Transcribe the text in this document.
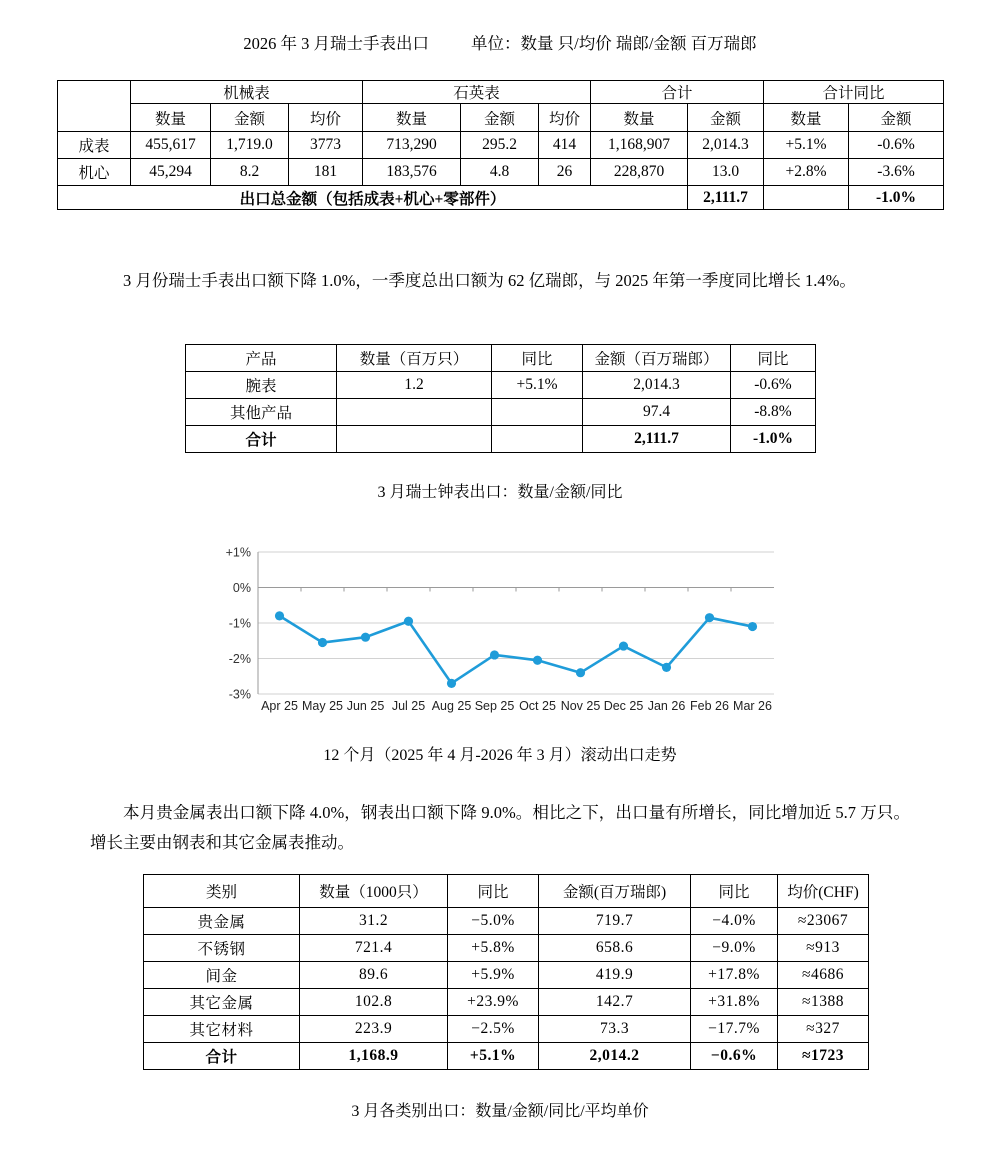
2026 年 3 月瑞士手表出口	单位：数量 只/均价 瑞郎/金额 百万瑞郎
	机械表			石英表			合计		合计同比	
	数量	金额	均价	数量	金额	均价	数量	金额	数量	金额
成表	455,617	1,719.0	3773	713,290	295.2	414	1,168,907	2,014.3	+5.1%	-0.6%
机心	45,294	8.2	181	183,576	4.8	26	228,870	13.0	+2.8%	-3.6%
出口总金额（包括成表+机心+零部件）								2,111.7		-1.0%

3 月份瑞士手表出口额下降 1.0%，一季度总出口额为 62 亿瑞郎，与 2025 年第一季度同比增长 1.4%。

产品	数量（百万只）	同比	金额（百万瑞郎）	同比
腕表	1.2	+5.1%	2,014.3	-0.6%
其他产品			97.4	-8.8%
合计			2,111.7	-1.0%
3 月瑞士钟表出口：数量/金额/同比
+1%
0%
-1%
-2%
-3%
Apr 25 May 25 Jun 25 Jul 25 Aug 25 Sep 25 Oct 25 Nov 25 Dec 25 Jan 26 Feb 26 Mar 26
12 个月（2025 年 4 月-2026 年 3 月）滚动出口走势

本月贵金属表出口额下降 4.0%，钢表出口额下降 9.0%。相比之下，出口量有所增长，同比增加近 5.7 万只。增长主要由钢表和其它金属表推动。

类别	数量（1000只）	同比	金额(百万瑞郎)	同比	均价(CHF)
贵金属	31.2	−5.0%	719.7	−4.0%	≈23067
不锈钢	721.4	+5.8%	658.6	−9.0%	≈913
间金	89.6	+5.9%	419.9	+17.8%	≈4686
其它金属	102.8	+23.9%	142.7	+31.8%	≈1388
其它材料	223.9	−2.5%	73.3	−17.7%	≈327
合计	1,168.9	+5.1%	2,014.2	−0.6%	≈1723
3 月各类别出口：数量/金额/同比/平均单价
